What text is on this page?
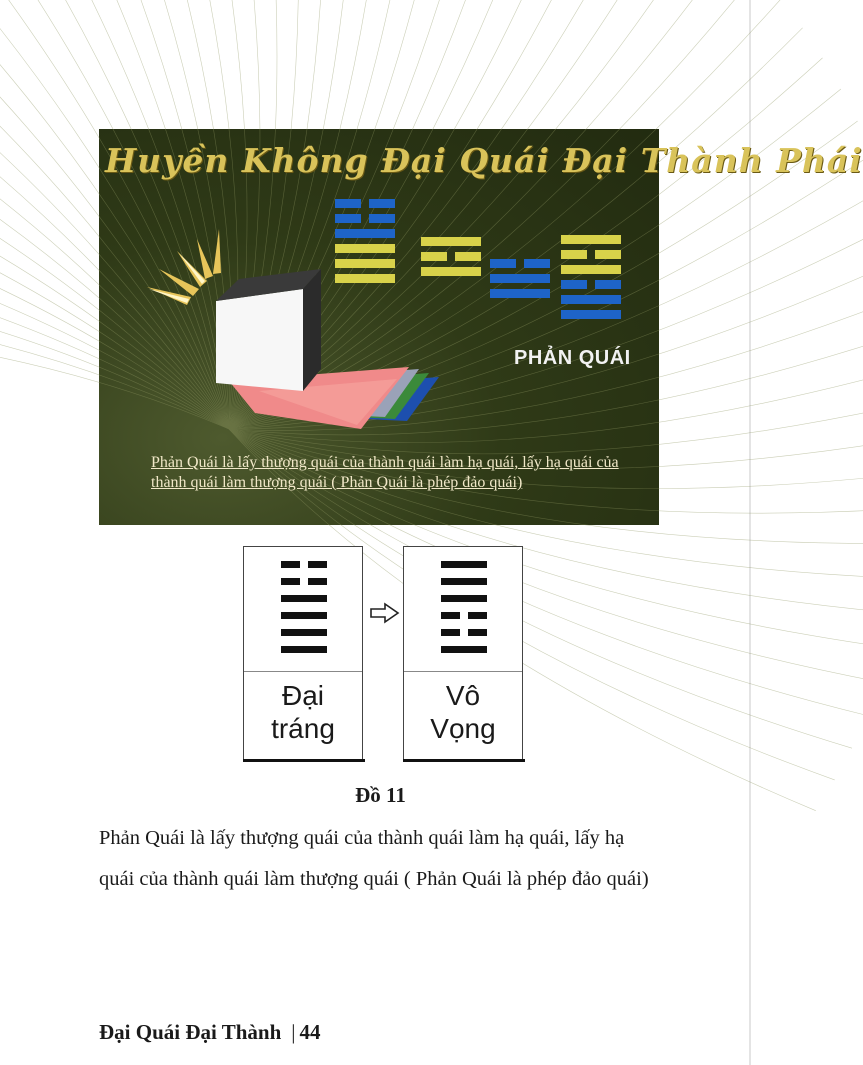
Huyền Không Đại Quái Đại Thành Phái
PHẢN QUÁI
Phản Quái là lấy thượng quái của thành quái làm hạ quái, lấy hạ quái của thành quái làm thượng quái ( Phản Quái là phép đảo quái)
Đại
tráng
Vô
Vọng
Đồ 11
Phản Quái là lấy thượng quái của thành quái làm hạ quái, lấy hạ quái của thành quái làm thượng quái ( Phản Quái là phép đảo quái)
Đại Quái Đại Thành | 44
